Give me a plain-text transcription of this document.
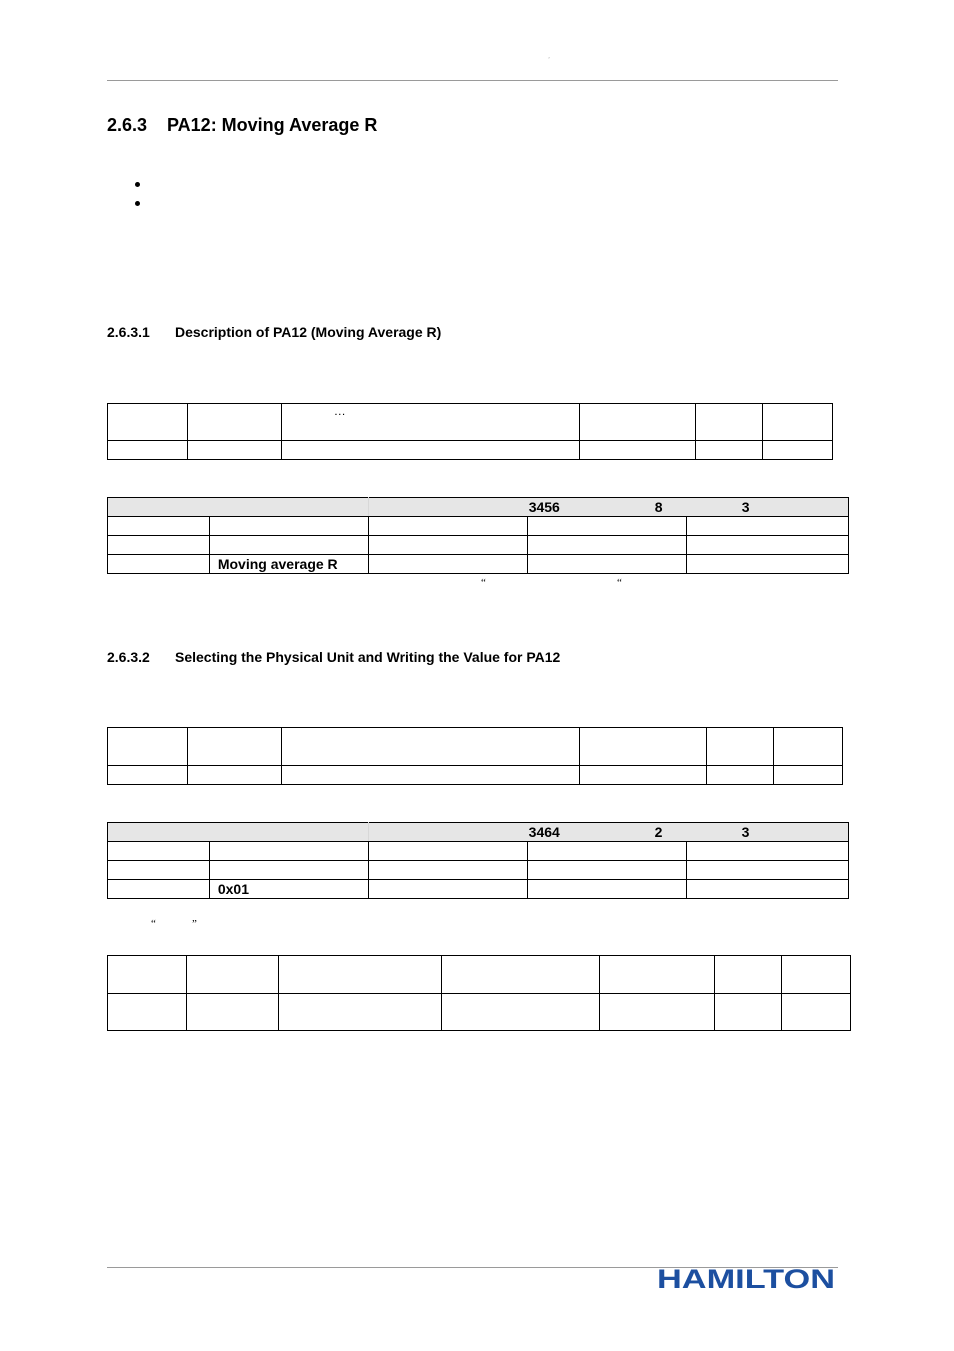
ʾ
2.6.3 PA12: Moving Average R
2.6.3.1 Description of PA12 (Moving Average R)
		…			

		3456 8 3		

	Moving average R			
“	“
2.6.3.2 Selecting the Physical Unit and Writing the Value for PA12

		3464 2 3		

	0x01			
“	”

HAMILTON
